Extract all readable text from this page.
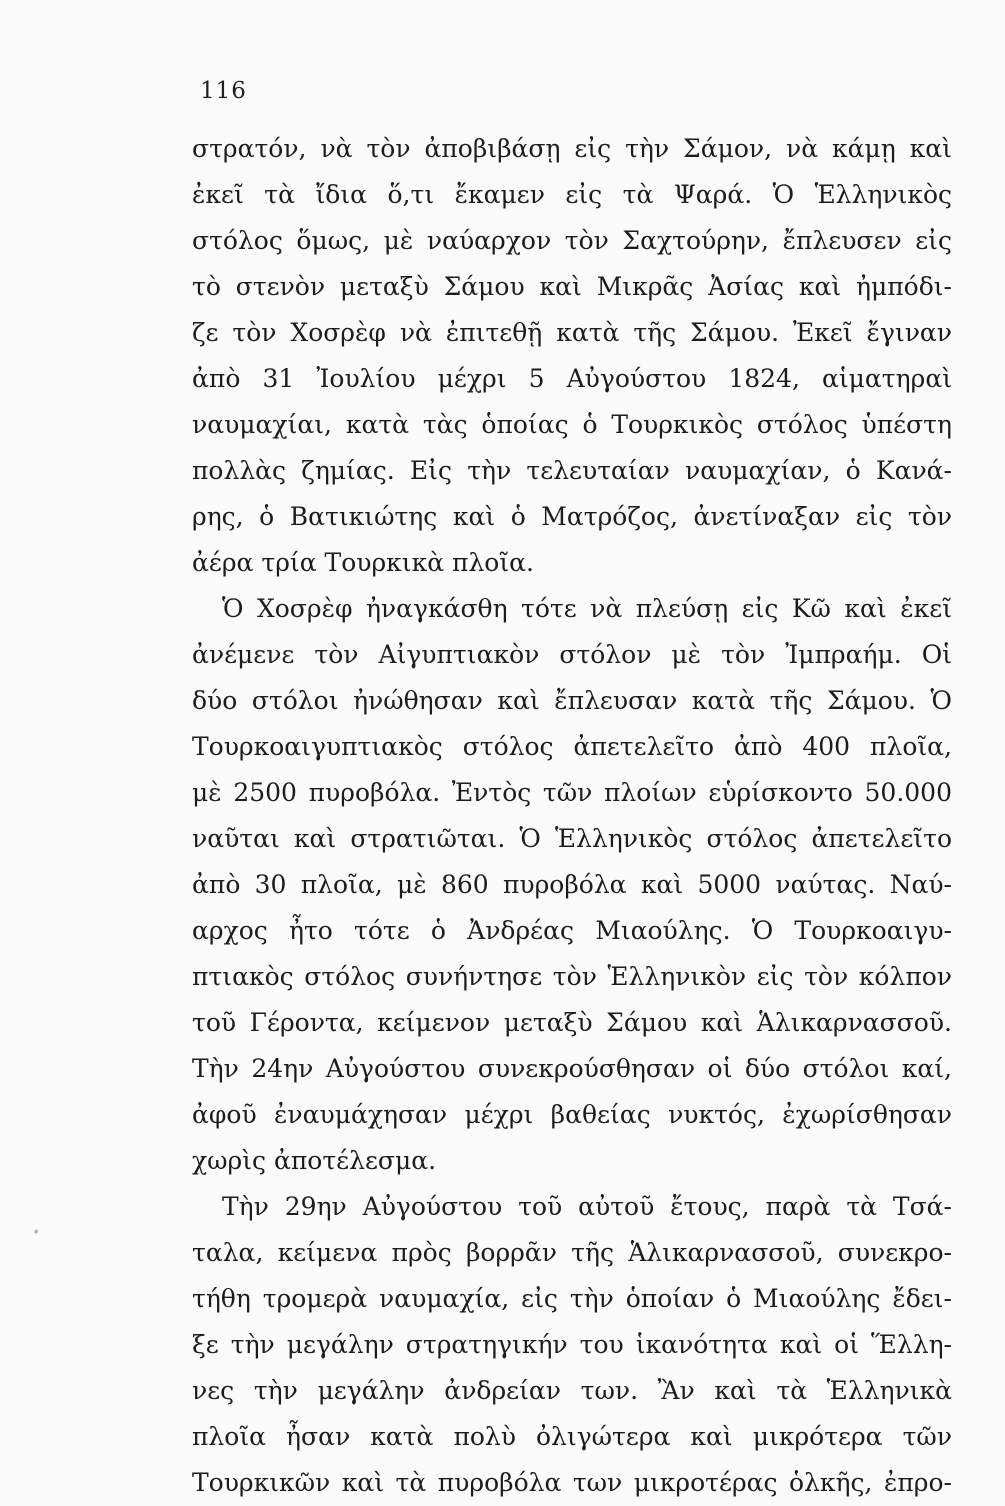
116
στρατόν, νὰ τὸν ἀποβιβάσῃ εἰς τὴν Σάμον, νὰ κάμῃ καὶ
ἐκεῖ τὰ ἴδια ὅ,τι ἔκαμεν εἰς τὰ Ψαρά. Ὁ Ἑλληνικὸς
στόλος ὅμως, μὲ ναύαρχον τὸν Σαχτούρην, ἔπλευσεν εἰς
τὸ στενὸν μεταξὺ Σάμου καὶ Μικρᾶς Ἀσίας καὶ ἠμπόδι-
ζε τὸν Χοσρὲφ νὰ ἐπιτεθῇ κατὰ τῆς Σάμου. Ἐκεῖ ἔγιναν
ἀπὸ 31 Ἰουλίου μέχρι 5 Αὐγούστου 1824, αἱματηραὶ
ναυμαχίαι, κατὰ τὰς ὁποίας ὁ Τουρκικὸς στόλος ὑπέστη
πολλὰς ζημίας. Εἰς τὴν τελευταίαν ναυμαχίαν, ὁ Κανά-
ρης, ὁ Βατικιώτης καὶ ὁ Ματρόζος, ἀνετίναξαν εἰς τὸν
ἀέρα τρία Τουρκικὰ πλοῖα.
Ὁ Χοσρὲφ ἠναγκάσθη τότε νὰ πλεύσῃ εἰς Κῶ καὶ ἐκεῖ
ἀνέμενε τὸν Αἰγυπτιακὸν στόλον μὲ τὸν Ἰμπραήμ. Οἱ
δύο στόλοι ἠνώθησαν καὶ ἔπλευσαν κατὰ τῆς Σάμου. Ὁ
Τουρκοαιγυπτιακὸς στόλος ἀπετελεῖτο ἀπὸ 400 πλοῖα,
μὲ 2500 πυροβόλα. Ἐντὸς τῶν πλοίων εὑρίσκοντο 50.000
ναῦται καὶ στρατιῶται. Ὁ Ἑλληνικὸς στόλος ἀπετελεῖτο
ἀπὸ 30 πλοῖα, μὲ 860 πυροβόλα καὶ 5000 ναύτας. Ναύ-
αρχος ἦτο τότε ὁ Ἀνδρέας Μιαούλης. Ὁ Τουρκοαιγυ-
πτιακὸς στόλος συνήντησε τὸν Ἑλληνικὸν εἰς τὸν κόλπον
τοῦ Γέροντα, κείμενον μεταξὺ Σάμου καὶ Ἁλικαρνασσοῦ.
Τὴν 24ην Αὐγούστου συνεκρούσθησαν οἱ δύο στόλοι καί,
ἀφοῦ ἐναυμάχησαν μέχρι βαθείας νυκτός, ἐχωρίσθησαν
χωρὶς ἀποτέλεσμα.
Τὴν 29ην Αὐγούστου τοῦ αὐτοῦ ἔτους, παρὰ τὰ Τσά-
ταλα, κείμενα πρὸς βορρᾶν τῆς Ἁλικαρνασσοῦ, συνεκρο-
τήθη τρομερὰ ναυμαχία, εἰς τὴν ὁποίαν ὁ Μιαούλης ἔδει-
ξε τὴν μεγάλην στρατηγικήν του ἱκανότητα καὶ οἱ Ἕλλη-
νες τὴν μεγάλην ἀνδρείαν των. Ἂν καὶ τὰ Ἑλληνικὰ
πλοῖα ἦσαν κατὰ πολὺ ὀλιγώτερα καὶ μικρότερα τῶν
Τουρκικῶν καὶ τὰ πυροβόλα των μικροτέρας ὁλκῆς, ἐπρο-
•
